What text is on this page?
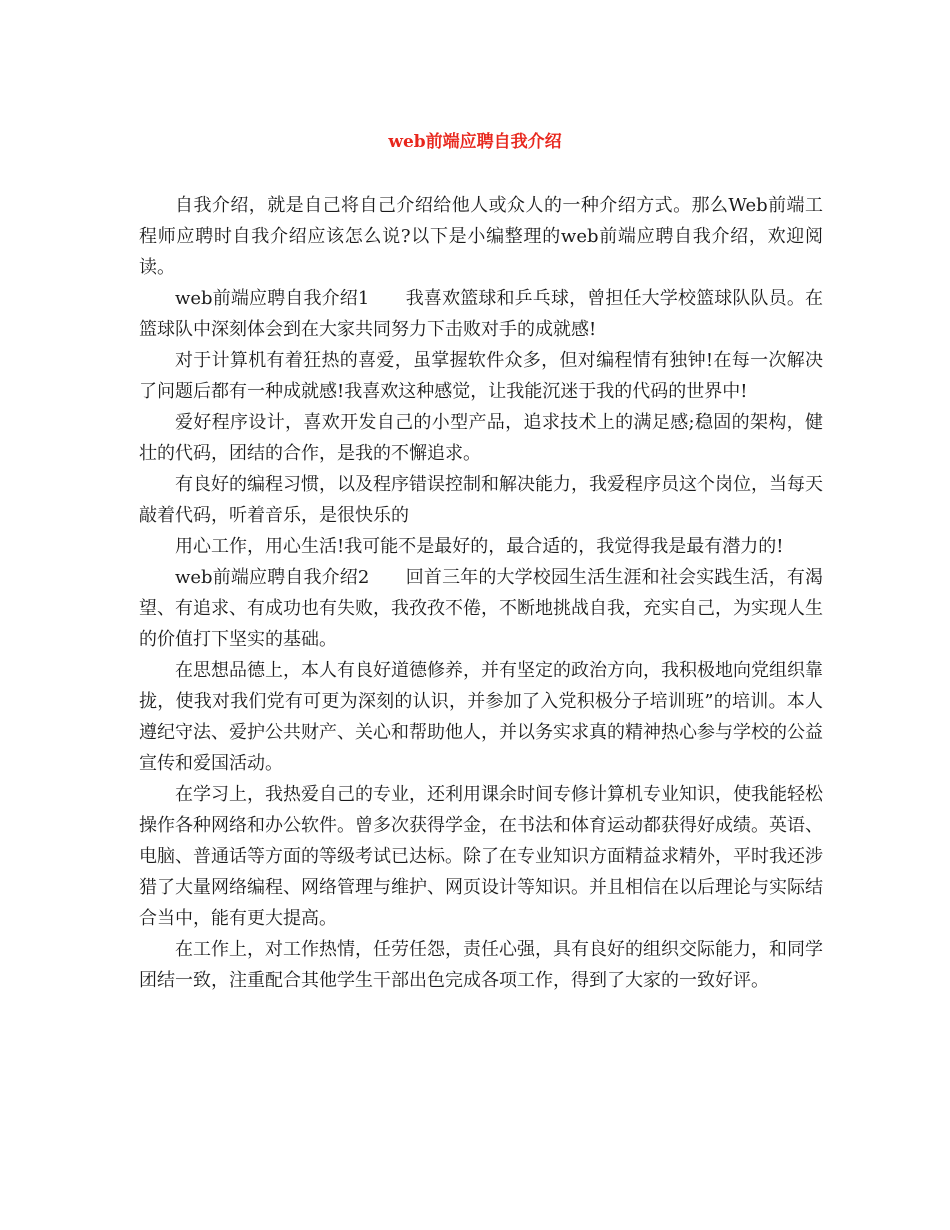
web前端应聘自我介绍

自我介绍，就是自己将自己介绍给他人或众人的一种介绍方式。那么Web前端工程师应聘时自我介绍应该怎么说?以下是小编整理的web前端应聘自我介绍，欢迎阅读。

web前端应聘自我介绍1　　我喜欢篮球和乒乓球，曾担任大学校篮球队队员。在篮球队中深刻体会到在大家共同努力下击败对手的成就感!

对于计算机有着狂热的喜爱，虽掌握软件众多，但对编程情有独钟!在每一次解决了问题后都有一种成就感!我喜欢这种感觉，让我能沉迷于我的代码的世界中!

爱好程序设计，喜欢开发自己的小型产品，追求技术上的满足感;稳固的架构，健壮的代码，团结的合作，是我的不懈追求。

有良好的编程习惯，以及程序错误控制和解决能力，我爱程序员这个岗位，当每天敲着代码，听着音乐，是很快乐的

用心工作，用心生活!我可能不是最好的，最合适的，我觉得我是最有潜力的!

web前端应聘自我介绍2　　回首三年的大学校园生活生涯和社会实践生活，有渴望、有追求、有成功也有失败，我孜孜不倦，不断地挑战自我，充实自己，为实现人生的价值打下坚实的基础。

在思想品德上，本人有良好道德修养，并有坚定的政治方向，我积极地向党组织靠拢，使我对我们党有可更为深刻的认识，并参加了入党积极分子培训班”的培训。本人遵纪守法、爱护公共财产、关心和帮助他人，并以务实求真的精神热心参与学校的公益宣传和爱国活动。

在学习上，我热爱自己的专业，还利用课余时间专修计算机专业知识，使我能轻松操作各种网络和办公软件。曾多次获得学金，在书法和体育运动都获得好成绩。英语、电脑、普通话等方面的等级考试已达标。除了在专业知识方面精益求精外，平时我还涉猎了大量网络编程、网络管理与维护、网页设计等知识。并且相信在以后理论与实际结合当中，能有更大提高。

在工作上，对工作热情，任劳任怨，责任心强，具有良好的组织交际能力，和同学团结一致，注重配合其他学生干部出色完成各项工作，得到了大家的一致好评。
